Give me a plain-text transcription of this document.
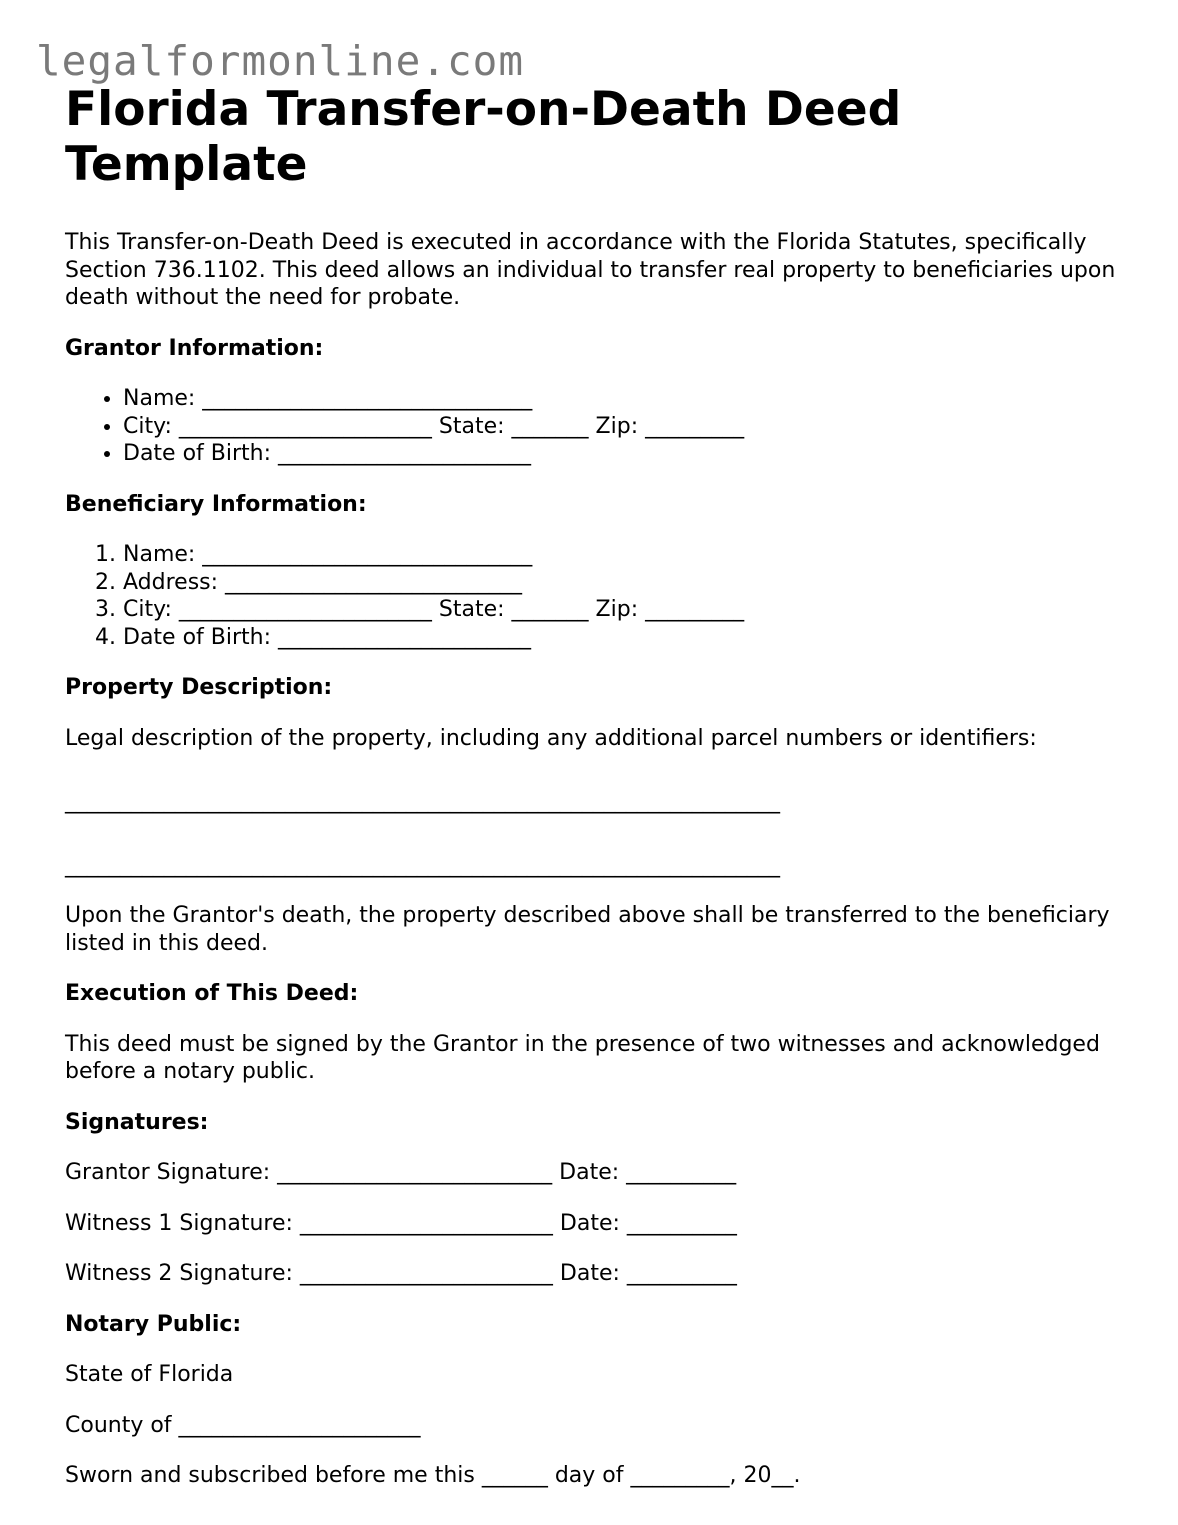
legalformonline.com
Florida Transfer-on-Death Deed Template

This Transfer-on-Death Deed is executed in accordance with the Florida Statutes, specifically Section 736.1102. This deed allows an individual to transfer real property to beneficiaries upon death without the need for probate.

Grantor Information:

• Name: ______________________________
• City: _______________________ State: _______ Zip: _________
• Date of Birth: _______________________

Beneficiary Information:

1. Name: ______________________________
2. Address: ___________________________
3. City: _______________________ State: _______ Zip: _________
4. Date of Birth: _______________________

Property Description:

Legal description of the property, including any additional parcel numbers or identifiers:

_________________________________________________________________
_________________________________________________________________

Upon the Grantor's death, the property described above shall be transferred to the beneficiary listed in this deed.

Execution of This Deed:

This deed must be signed by the Grantor in the presence of two witnesses and acknowledged before a notary public.

Signatures:

Grantor Signature: _________________________ Date: __________

Witness 1 Signature: _______________________ Date: __________

Witness 2 Signature: _______________________ Date: __________

Notary Public:

State of Florida

County of ______________________

Sworn and subscribed before me this ______ day of _________, 20__.
